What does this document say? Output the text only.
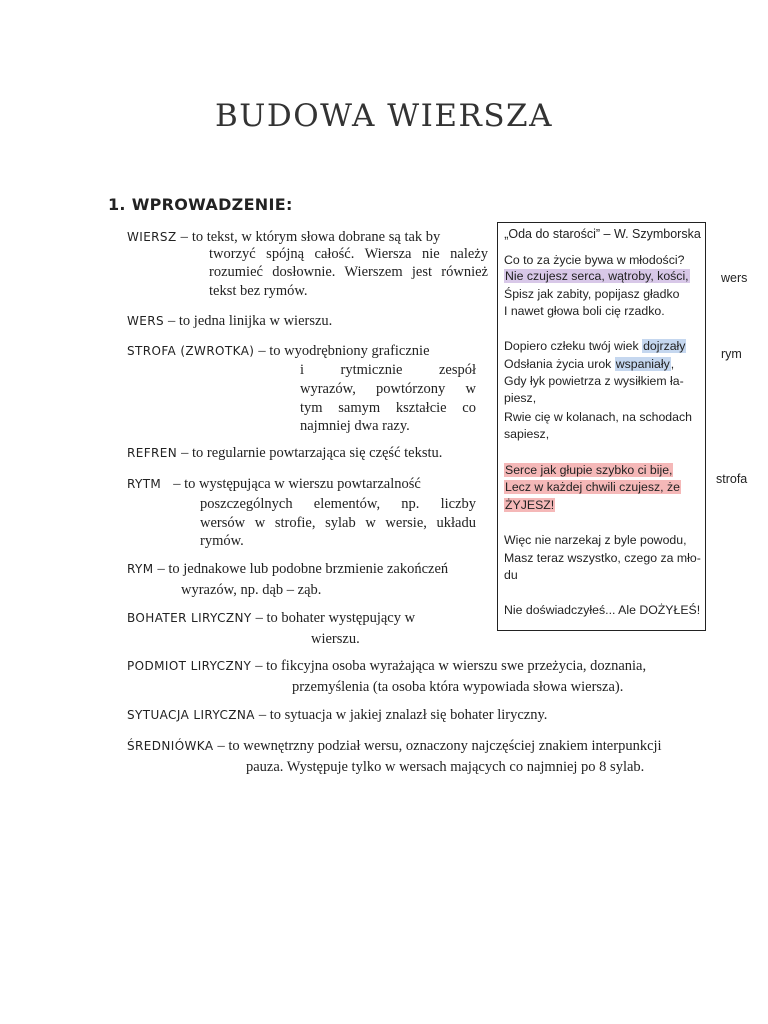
BUDOWA WIERSZA
1. WPROWADZENIE:
WIERSZ – to tekst, w którym słowa dobrane są tak by
tworzyć spójną całość. Wiersza nie należy
rozumieć dosłownie. Wierszem jest również
tekst bez rymów.
WERS – to jedna linijka w wierszu.
STROFA (ZWROTKA) – to wyodrębniony graficznie
i rytmicznie zespół
wyrazów, powtórzony w
tym samym kształcie co
najmniej dwa razy.
REFREN – to regularnie powtarzająca się część tekstu.
RYTM – to występująca w wierszu powtarzalność
poszczególnych elementów, np. liczby
wersów w strofie, sylab w wersie, układu
rymów.
RYM – to jednakowe lub podobne brzmienie zakończeń
wyrazów, np. dąb – ząb.
BOHATER LIRYCZNY – to bohater występujący w
wierszu.
PODMIOT LIRYCZNY – to fikcyjna osoba wyrażająca w wierszu swe przeżycia, doznania,
przemyślenia (ta osoba która wypowiada słowa wiersza).
SYTUACJA LIRYCZNA – to sytuacja w jakiej znalazł się bohater liryczny.
ŚREDNIÓWKA – to wewnętrzny podział wersu, oznaczony najczęściej znakiem interpunkcji
pauza. Występuje tylko w wersach mających co najmniej po 8 sylab.
„Oda do starości” – W. Szymborska
Co to za życie bywa w młodości?
Nie czujesz serca, wątroby, kości,
Śpisz jak zabity, popijasz gładko
I nawet głowa boli cię rzadko.
Dopiero człeku twój wiek dojrzały
Odsłania życia urok wspaniały,
Gdy łyk powietrza z wysiłkiem ła-
piesz,
Rwie cię w kolanach, na schodach
sapiesz,
Serce jak głupie szybko ci bije,
Lecz w każdej chwili czujesz, że
ŻYJESZ!
Więc nie narzekaj z byle powodu,
Masz teraz wszystko, czego za mło-
du
Nie doświadczyłeś... Ale DOŻYŁEŚ!
wers
rym
strofa
